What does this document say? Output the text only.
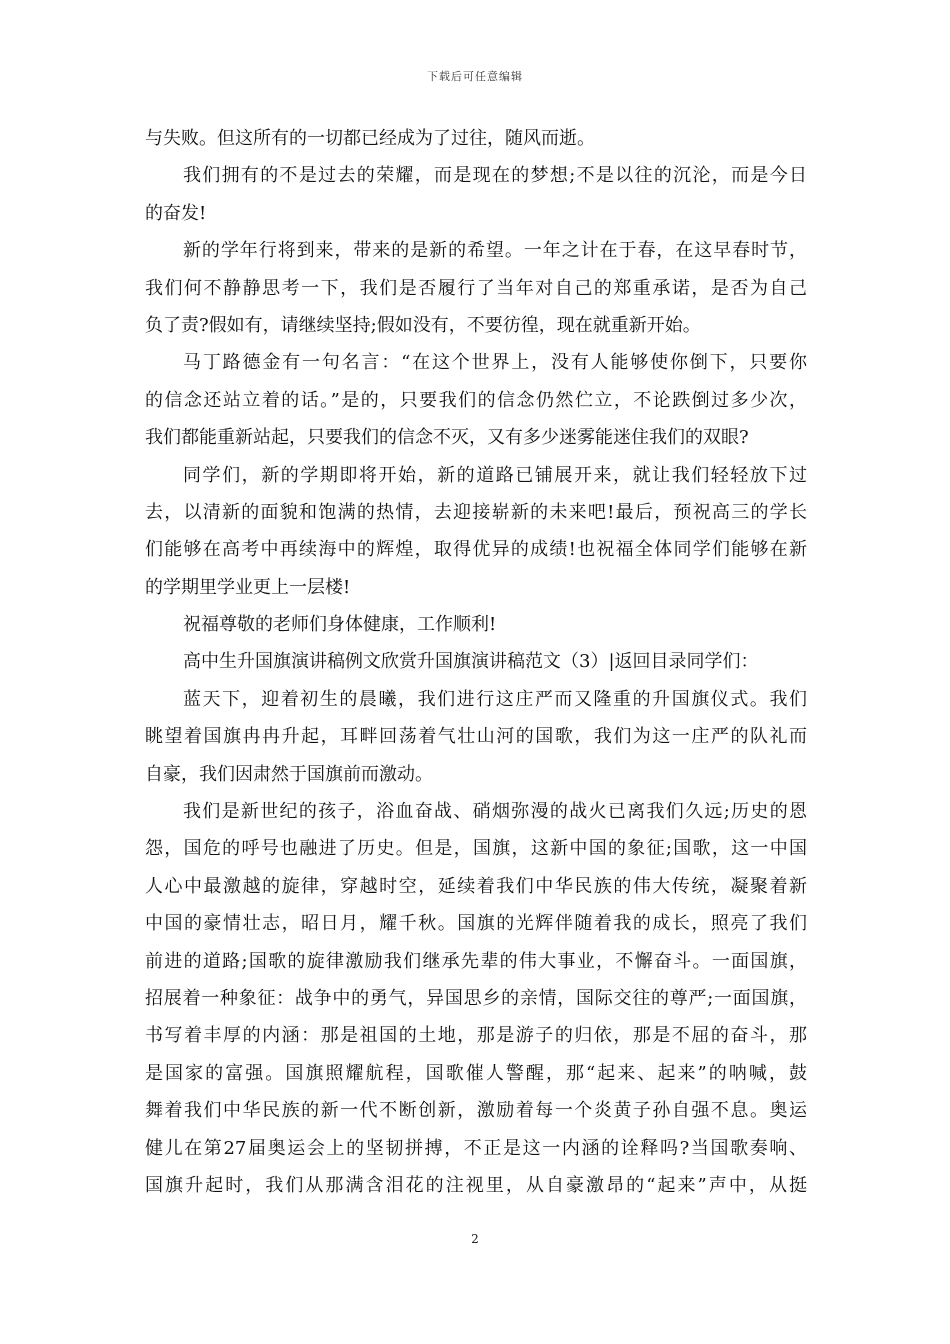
下载后可任意编辑
与失败。但这所有的一切都已经成为了过往，随风而逝。
我们拥有的不是过去的荣耀，而是现在的梦想;不是以往的沉沦，而是今日
的奋发!
新的学年行将到来，带来的是新的希望。一年之计在于春，在这早春时节，
我们何不静静思考一下，我们是否履行了当年对自己的郑重承诺，是否为自己
负了责?假如有，请继续坚持;假如没有，不要彷徨，现在就重新开始。
马丁路德金有一句名言：“在这个世界上，没有人能够使你倒下，只要你
的信念还站立着的话。”是的，只要我们的信念仍然伫立，不论跌倒过多少次，
我们都能重新站起，只要我们的信念不灭，又有多少迷雾能迷住我们的双眼?
同学们，新的学期即将开始，新的道路已铺展开来，就让我们轻轻放下过
去，以清新的面貌和饱满的热情，去迎接崭新的未来吧!最后，预祝高三的学长
们能够在高考中再续海中的辉煌，取得优异的成绩!也祝福全体同学们能够在新
的学期里学业更上一层楼!
祝福尊敬的老师们身体健康，工作顺利!
高中生升国旗演讲稿例文欣赏升国旗演讲稿范文（3）|返回目录同学们：
蓝天下，迎着初生的晨曦，我们进行这庄严而又隆重的升国旗仪式。我们
眺望着国旗冉冉升起，耳畔回荡着气壮山河的国歌，我们为这一庄严的队礼而
自豪，我们因肃然于国旗前而激动。
我们是新世纪的孩子，浴血奋战、硝烟弥漫的战火已离我们久远;历史的恩
怨，国危的呼号也融进了历史。但是，国旗，这新中国的象征;国歌，这一中国
人心中最激越的旋律，穿越时空，延续着我们中华民族的伟大传统，凝聚着新
中国的豪情壮志，昭日月，耀千秋。国旗的光辉伴随着我的成长，照亮了我们
前进的道路;国歌的旋律激励我们继承先辈的伟大事业，不懈奋斗。一面国旗，
招展着一种象征：战争中的勇气，异国思乡的亲情，国际交往的尊严;一面国旗，
书写着丰厚的内涵：那是祖国的土地，那是游子的归依，那是不屈的奋斗，那
是国家的富强。国旗照耀航程，国歌催人警醒，那“起来、起来”的呐喊，鼓
舞着我们中华民族的新一代不断创新，激励着每一个炎黄子孙自强不息。奥运
健儿在第27届奥运会上的坚韧拼搏，不正是这一内涵的诠释吗?当国歌奏响、
国旗升起时，我们从那满含泪花的注视里，从自豪激昂的“起来”声中，从挺
2
